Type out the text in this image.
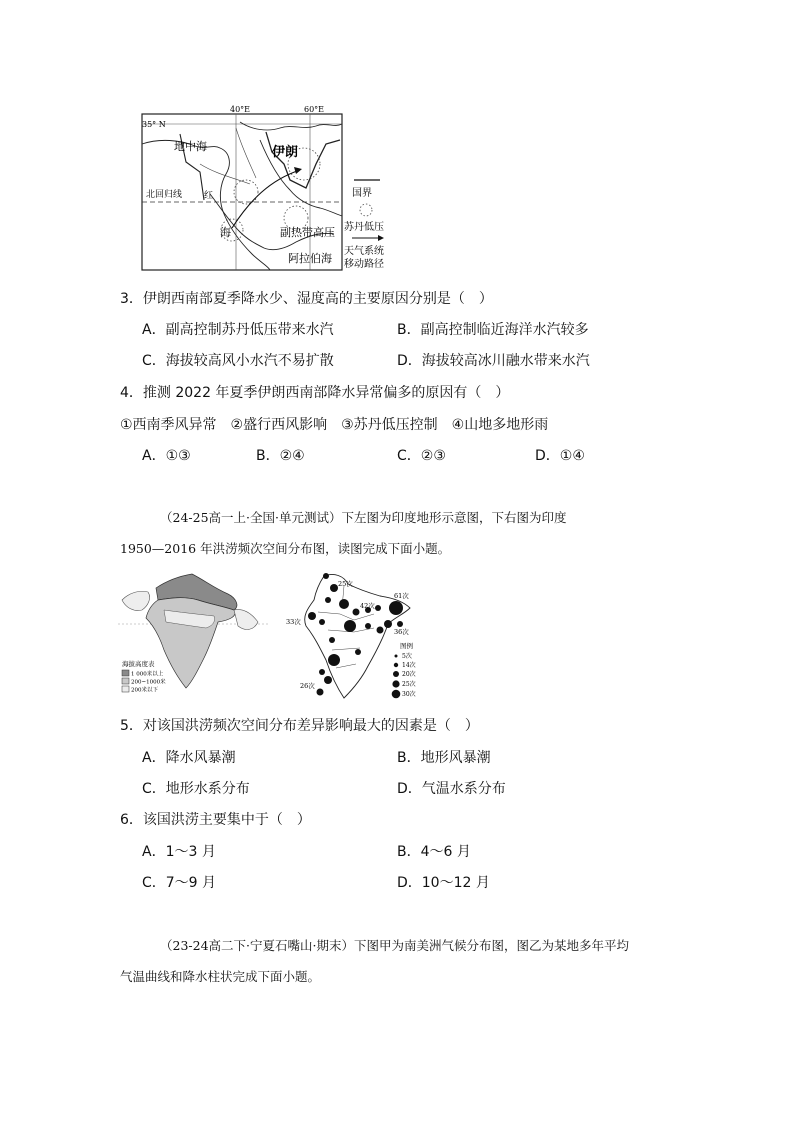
40°E	60°E
35° N
地中海	伊朗
北回归线 红
海	副热带高压
阿拉伯海
国界
苏丹低压
天气系统
移动路径
3．伊朗西南部夏季降水少、湿度高的主要原因分别是（　）
A．副高控制苏丹低压带来水汽	B．副高控制临近海洋水汽较多
C．海拔较高风小水汽不易扩散	D．海拔较高冰川融水带来水汽
4．推测 2022 年夏季伊朗西南部降水异常偏多的原因有（　）
①西南季风异常　②盛行西风影响　③苏丹低压控制　④山地多地形雨
A．①③	B．②④	C．②③	D．①④
（24-25高一上·全国·单元测试）下左图为印度地形示意图，下右图为印度
1950—2016 年洪涝频次空间分布图，读图完成下面小题。
海拔高度表
1 000米以上
200~1000米
200米以下
25次
61次
42次
33次
26次
36次
图例
5次
14次
20次
25次
30次
5．对该国洪涝频次空间分布差异影响最大的因素是（　）
A．降水风暴潮	B．地形风暴潮
C．地形水系分布	D．气温水系分布
6．该国洪涝主要集中于（　）
A．1～3 月	B．4～6 月
C．7～9 月	D．10～12 月
（23-24高二下·宁夏石嘴山·期末）下图甲为南美洲气候分布图，图乙为某地多年平均
气温曲线和降水柱状完成下面小题。
